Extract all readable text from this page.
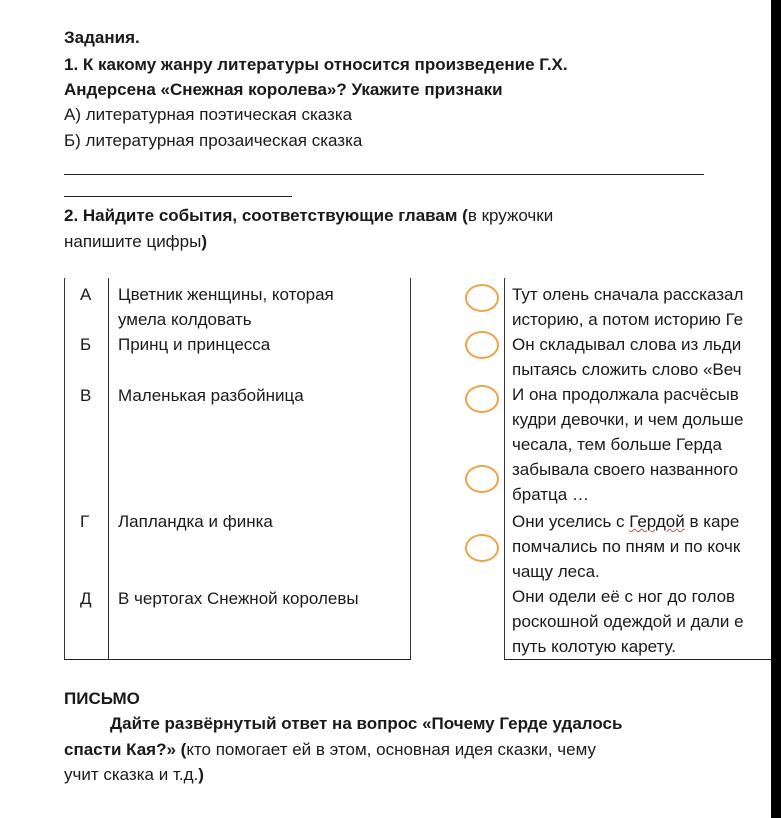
Задания.
1. К какому жанру литературы относится произведение Г.Х.
Андерсена «Снежная королева»? Укажите признаки
А) литературная поэтическая сказка
Б) литературная прозаическая сказка
2. Найдите события, соответствующие главам (в кружочки
напишите цифры)
А Цветник женщины, которая
умела колдовать
Б Принц и принцесса
В Маленькая разбойница
Г Лапландка и финка
Д В чертогах Снежной королевы
Тут олень сначала рассказал
историю, а потом историю Ге
Он складывал слова из льди
пытаясь сложить слово «Веч
И она продолжала расчёсыв
кудри девочки, и чем дольше
чесала, тем больше Герда
забывала своего названного
братца …
Они уселись с Гердой в каре
помчались по пням и по кочк
чащу леса.
Они одели её с ног до голов
роскошной одеждой и дали е
путь колотую карету.
ПИСЬМО
Дайте развёрнутый ответ на вопрос «Почему Герде удалось
спасти Кая?» (кто помогает ей в этом, основная идея сказки, чему
учит сказка и т.д.)
